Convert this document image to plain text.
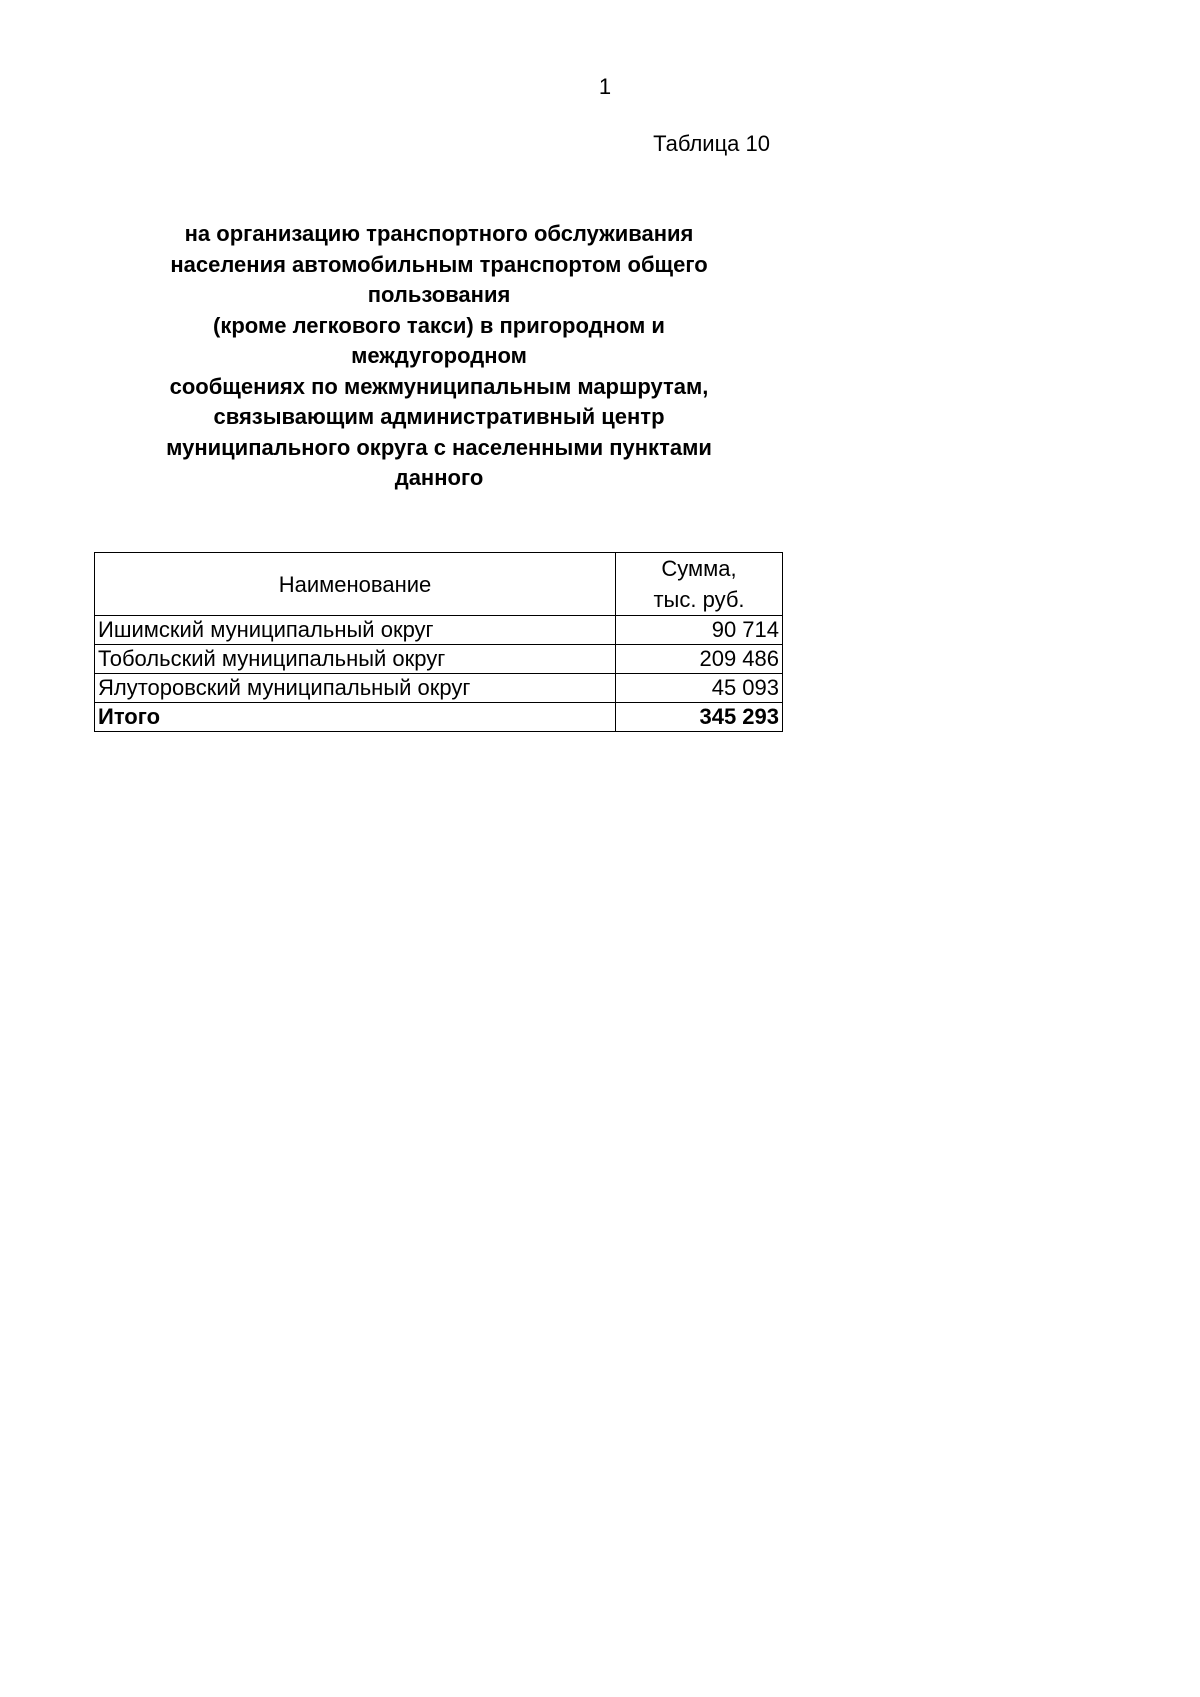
1
Таблица 10
на организацию транспортного обслуживания
населения автомобильным транспортом общего
пользования
(кроме легкового такси) в пригородном и
междугородном
сообщениях по межмуниципальным маршрутам,
связывающим административный центр
муниципального округа с населенными пунктами
данного
Наименование	Сумма,
тыс. руб.

Ишимский муниципальный округ	90 714
Тобольский муниципальный округ	209 486
Ялуторовский муниципальный округ	45 093
Итого	345 293
